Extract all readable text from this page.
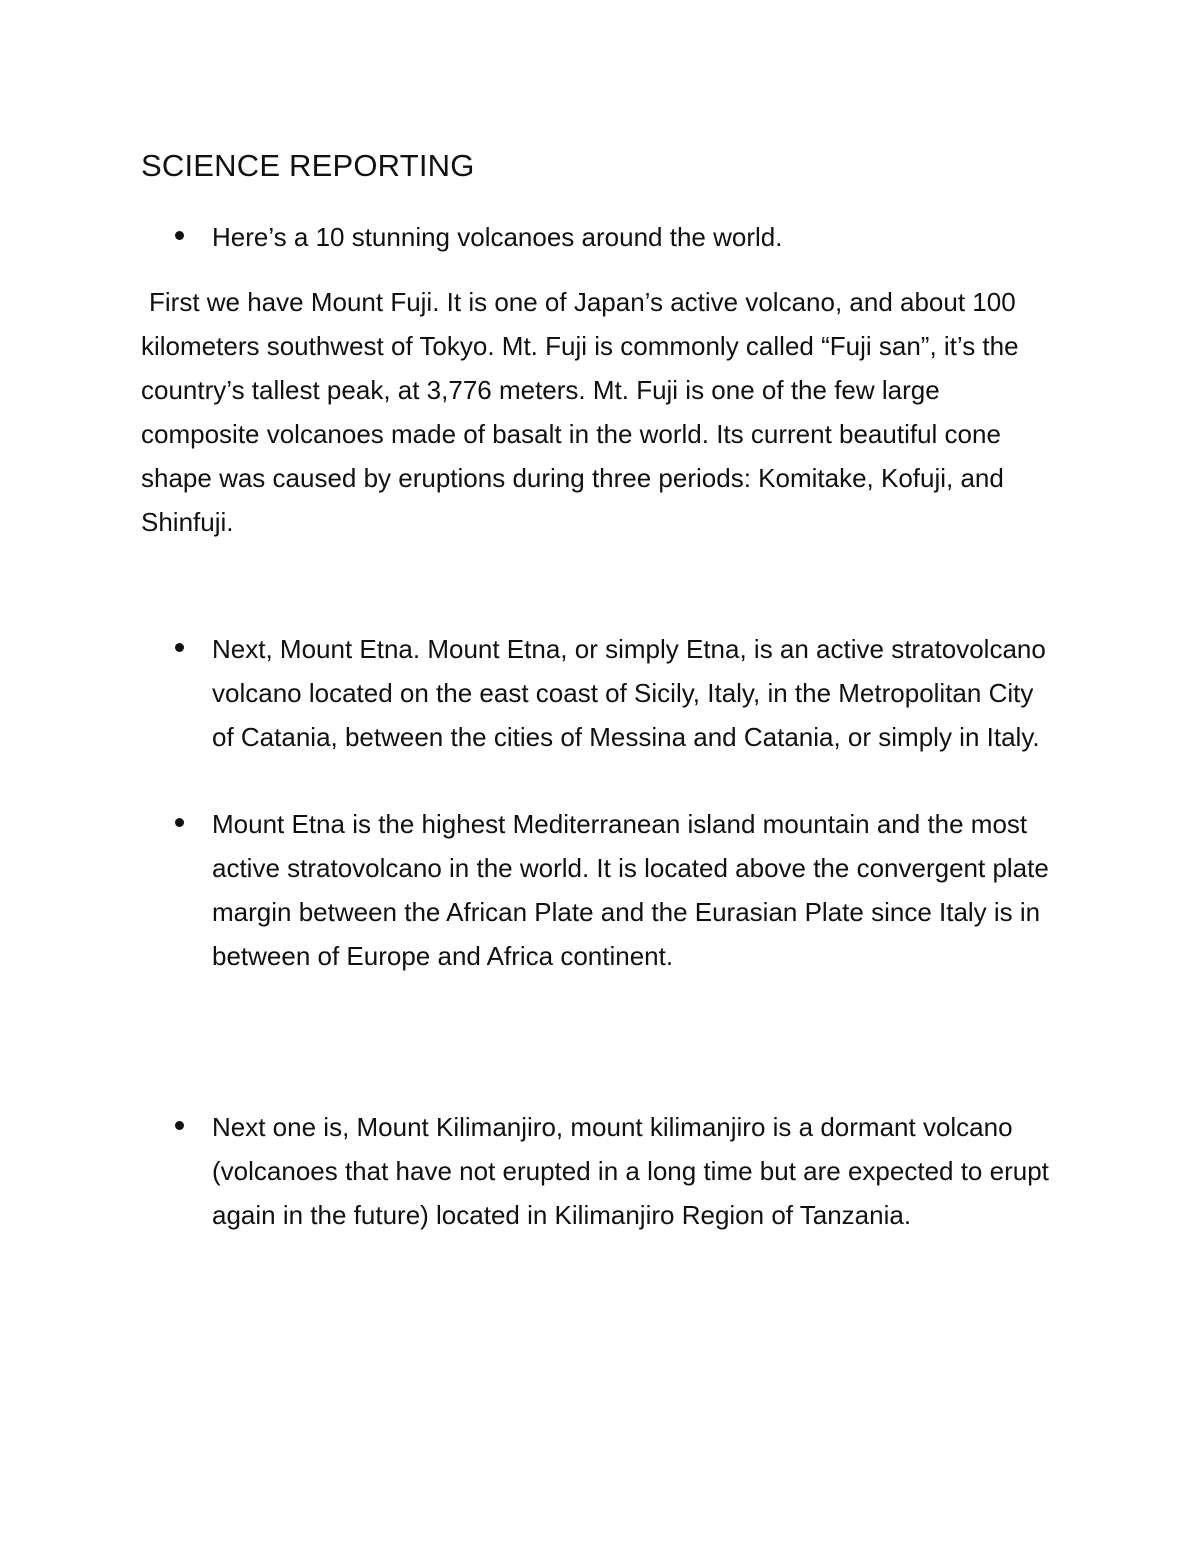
SCIENCE REPORTING
Here’s a 10 stunning volcanoes around the world.
First we have Mount Fuji. It is one of Japan’s active volcano, and about 100 kilometers southwest of Tokyo. Mt. Fuji is commonly called “Fuji san”, it’s the country’s tallest peak, at 3,776 meters. Mt. Fuji is one of the few large composite volcanoes made of basalt in the world. Its current beautiful cone shape was caused by eruptions during three periods: Komitake, Kofuji, and Shinfuji.
Next, Mount Etna. Mount Etna, or simply Etna, is an active stratovolcano volcano located on the east coast of Sicily, Italy, in the Metropolitan City of Catania, between the cities of Messina and Catania, or simply in Italy.
Mount Etna is the highest Mediterranean island mountain and the most active stratovolcano in the world. It is located above the convergent plate margin between the African Plate and the Eurasian Plate since Italy is in between of Europe and Africa continent.
Next one is, Mount Kilimanjiro, mount kilimanjiro is a dormant volcano (volcanoes that have not erupted in a long time but are expected to erupt again in the future) located in Kilimanjiro Region of Tanzania.
